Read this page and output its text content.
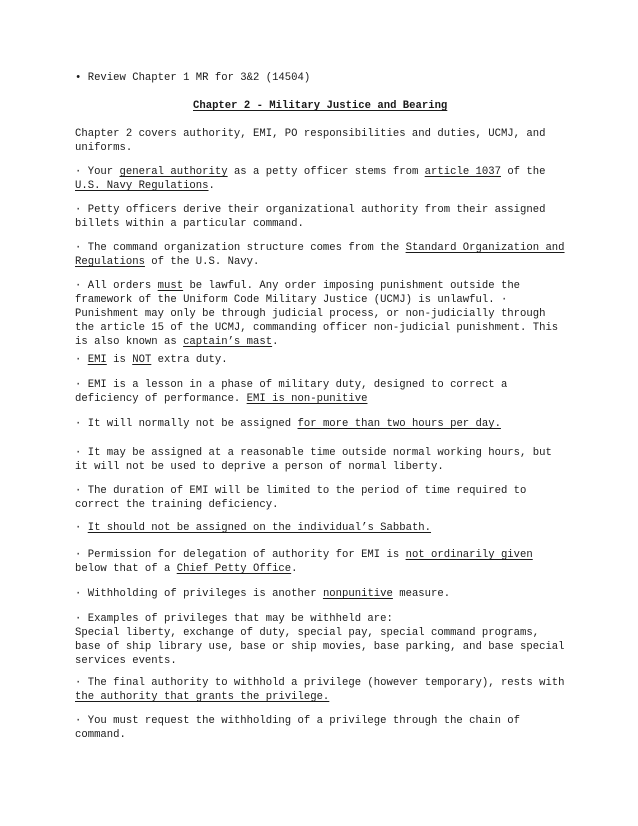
• Review Chapter 1 MR for 3&2 (14504)
Chapter 2 - Military Justice and Bearing
Chapter 2 covers authority, EMI, PO responsibilities and duties, UCMJ, and
uniforms.
· Your general authority as a petty officer stems from article 1037 of the
U.S. Navy Regulations.
· Petty officers derive their organizational authority from their assigned
billets within a particular command.
· The command organization structure comes from the Standard Organization and
Regulations of the U.S. Navy.
· All orders must be lawful. Any order imposing punishment outside the
framework of the Uniform Code Military Justice (UCMJ) is unlawful. ·
Punishment may only be through judicial process, or non-judicially through
the article 15 of the UCMJ, commanding officer non-judicial punishment. This
is also known as captain’s mast.
· EMI is NOT extra duty.
· EMI is a lesson in a phase of military duty, designed to correct a
deficiency of performance. EMI is non-punitive
· It will normally not be assigned for more than two hours per day.
· It may be assigned at a reasonable time outside normal working hours, but
it will not be used to deprive a person of normal liberty.
· The duration of EMI will be limited to the period of time required to
correct the training deficiency.
· It should not be assigned on the individual’s Sabbath.
· Permission for delegation of authority for EMI is not ordinarily given
below that of a Chief Petty Office.
· Withholding of privileges is another nonpunitive measure.
· Examples of privileges that may be withheld are:
Special liberty, exchange of duty, special pay, special command programs,
base of ship library use, base or ship movies, base parking, and base special
services events.
· The final authority to withhold a privilege (however temporary), rests with
the authority that grants the privilege.
· You must request the withholding of a privilege through the chain of
command.
